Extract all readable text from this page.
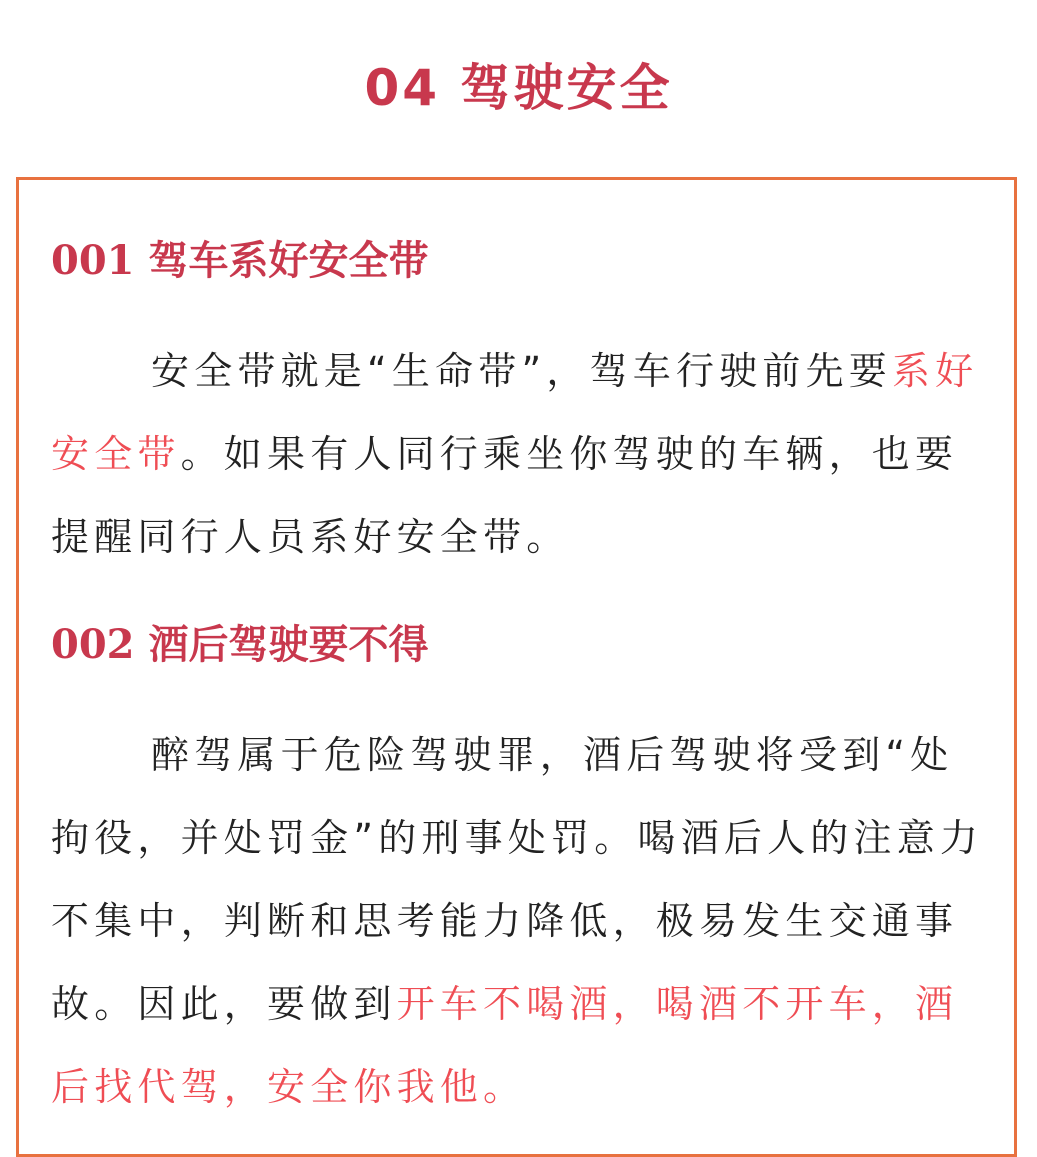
04 驾驶安全
001 驾车系好安全带

安全带就是“生命带”，驾车行驶前先要系好安全带。如果有人同行乘坐你驾驶的车辆，也要提醒同行人员系好安全带。

002 酒后驾驶要不得

醉驾属于危险驾驶罪，酒后驾驶将受到“处拘役，并处罚金”的刑事处罚。喝酒后人的注意力不集中，判断和思考能力降低，极易发生交通事故。因此，要做到开车不喝酒，喝酒不开车，酒后找代驾，安全你我他。
